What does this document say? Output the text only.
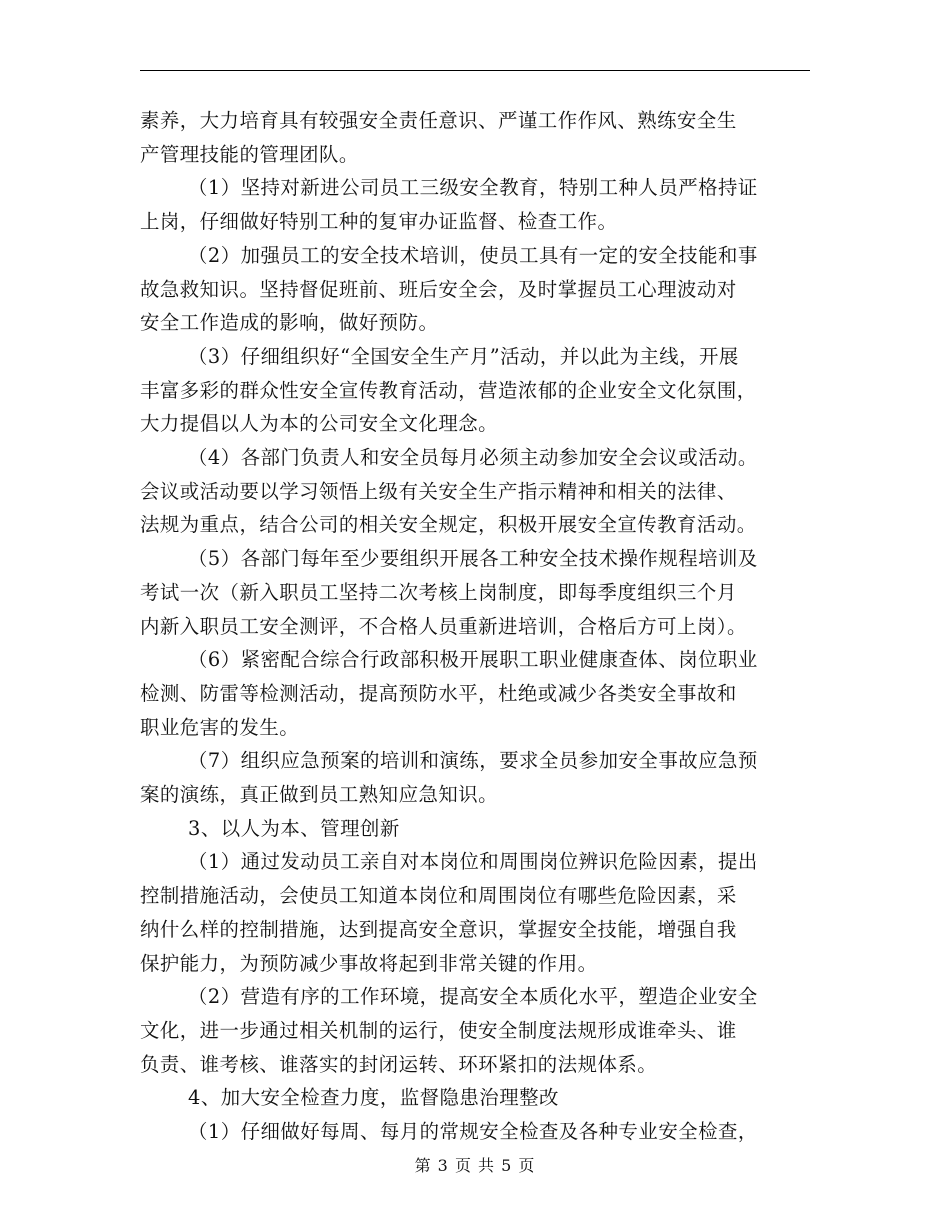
素养，大力培育具有较强安全责任意识、严谨工作作风、熟练安全生

产管理技能的管理团队。

（1）坚持对新进公司员工三级安全教育，特别工种人员严格持证

上岗，仔细做好特别工种的复审办证监督、检查工作。

（2）加强员工的安全技术培训，使员工具有一定的安全技能和事

故急救知识。坚持督促班前、班后安全会，及时掌握员工心理波动对

安全工作造成的影响，做好预防。

（3）仔细组织好“全国安全生产月”活动，并以此为主线，开展

丰富多彩的群众性安全宣传教育活动，营造浓郁的企业安全文化氛围，

大力提倡以人为本的公司安全文化理念。

（4）各部门负责人和安全员每月必须主动参加安全会议或活动。

会议或活动要以学习领悟上级有关安全生产指示精神和相关的法律、

法规为重点，结合公司的相关安全规定，积极开展安全宣传教育活动。

（5）各部门每年至少要组织开展各工种安全技术操作规程培训及

考试一次（新入职员工坚持二次考核上岗制度，即每季度组织三个月

内新入职员工安全测评，不合格人员重新进培训，合格后方可上岗）。

（6）紧密配合综合行政部积极开展职工职业健康查体、岗位职业

检测、防雷等检测活动，提高预防水平，杜绝或减少各类安全事故和

职业危害的发生。

（7）组织应急预案的培训和演练，要求全员参加安全事故应急预

案的演练，真正做到员工熟知应急知识。

3、以人为本、管理创新

（1）通过发动员工亲自对本岗位和周围岗位辨识危险因素，提出

控制措施活动，会使员工知道本岗位和周围岗位有哪些危险因素，采

纳什么样的控制措施，达到提高安全意识，掌握安全技能，增强自我

保护能力，为预防减少事故将起到非常关键的作用。

（2）营造有序的工作环境，提高安全本质化水平，塑造企业安全

文化，进一步通过相关机制的运行，使安全制度法规形成谁牵头、谁

负责、谁考核、谁落实的封闭运转、环环紧扣的法规体系。

4、加大安全检查力度，监督隐患治理整改

（1）仔细做好每周、每月的常规安全检查及各种专业安全检查，

第 3 页 共 5 页
